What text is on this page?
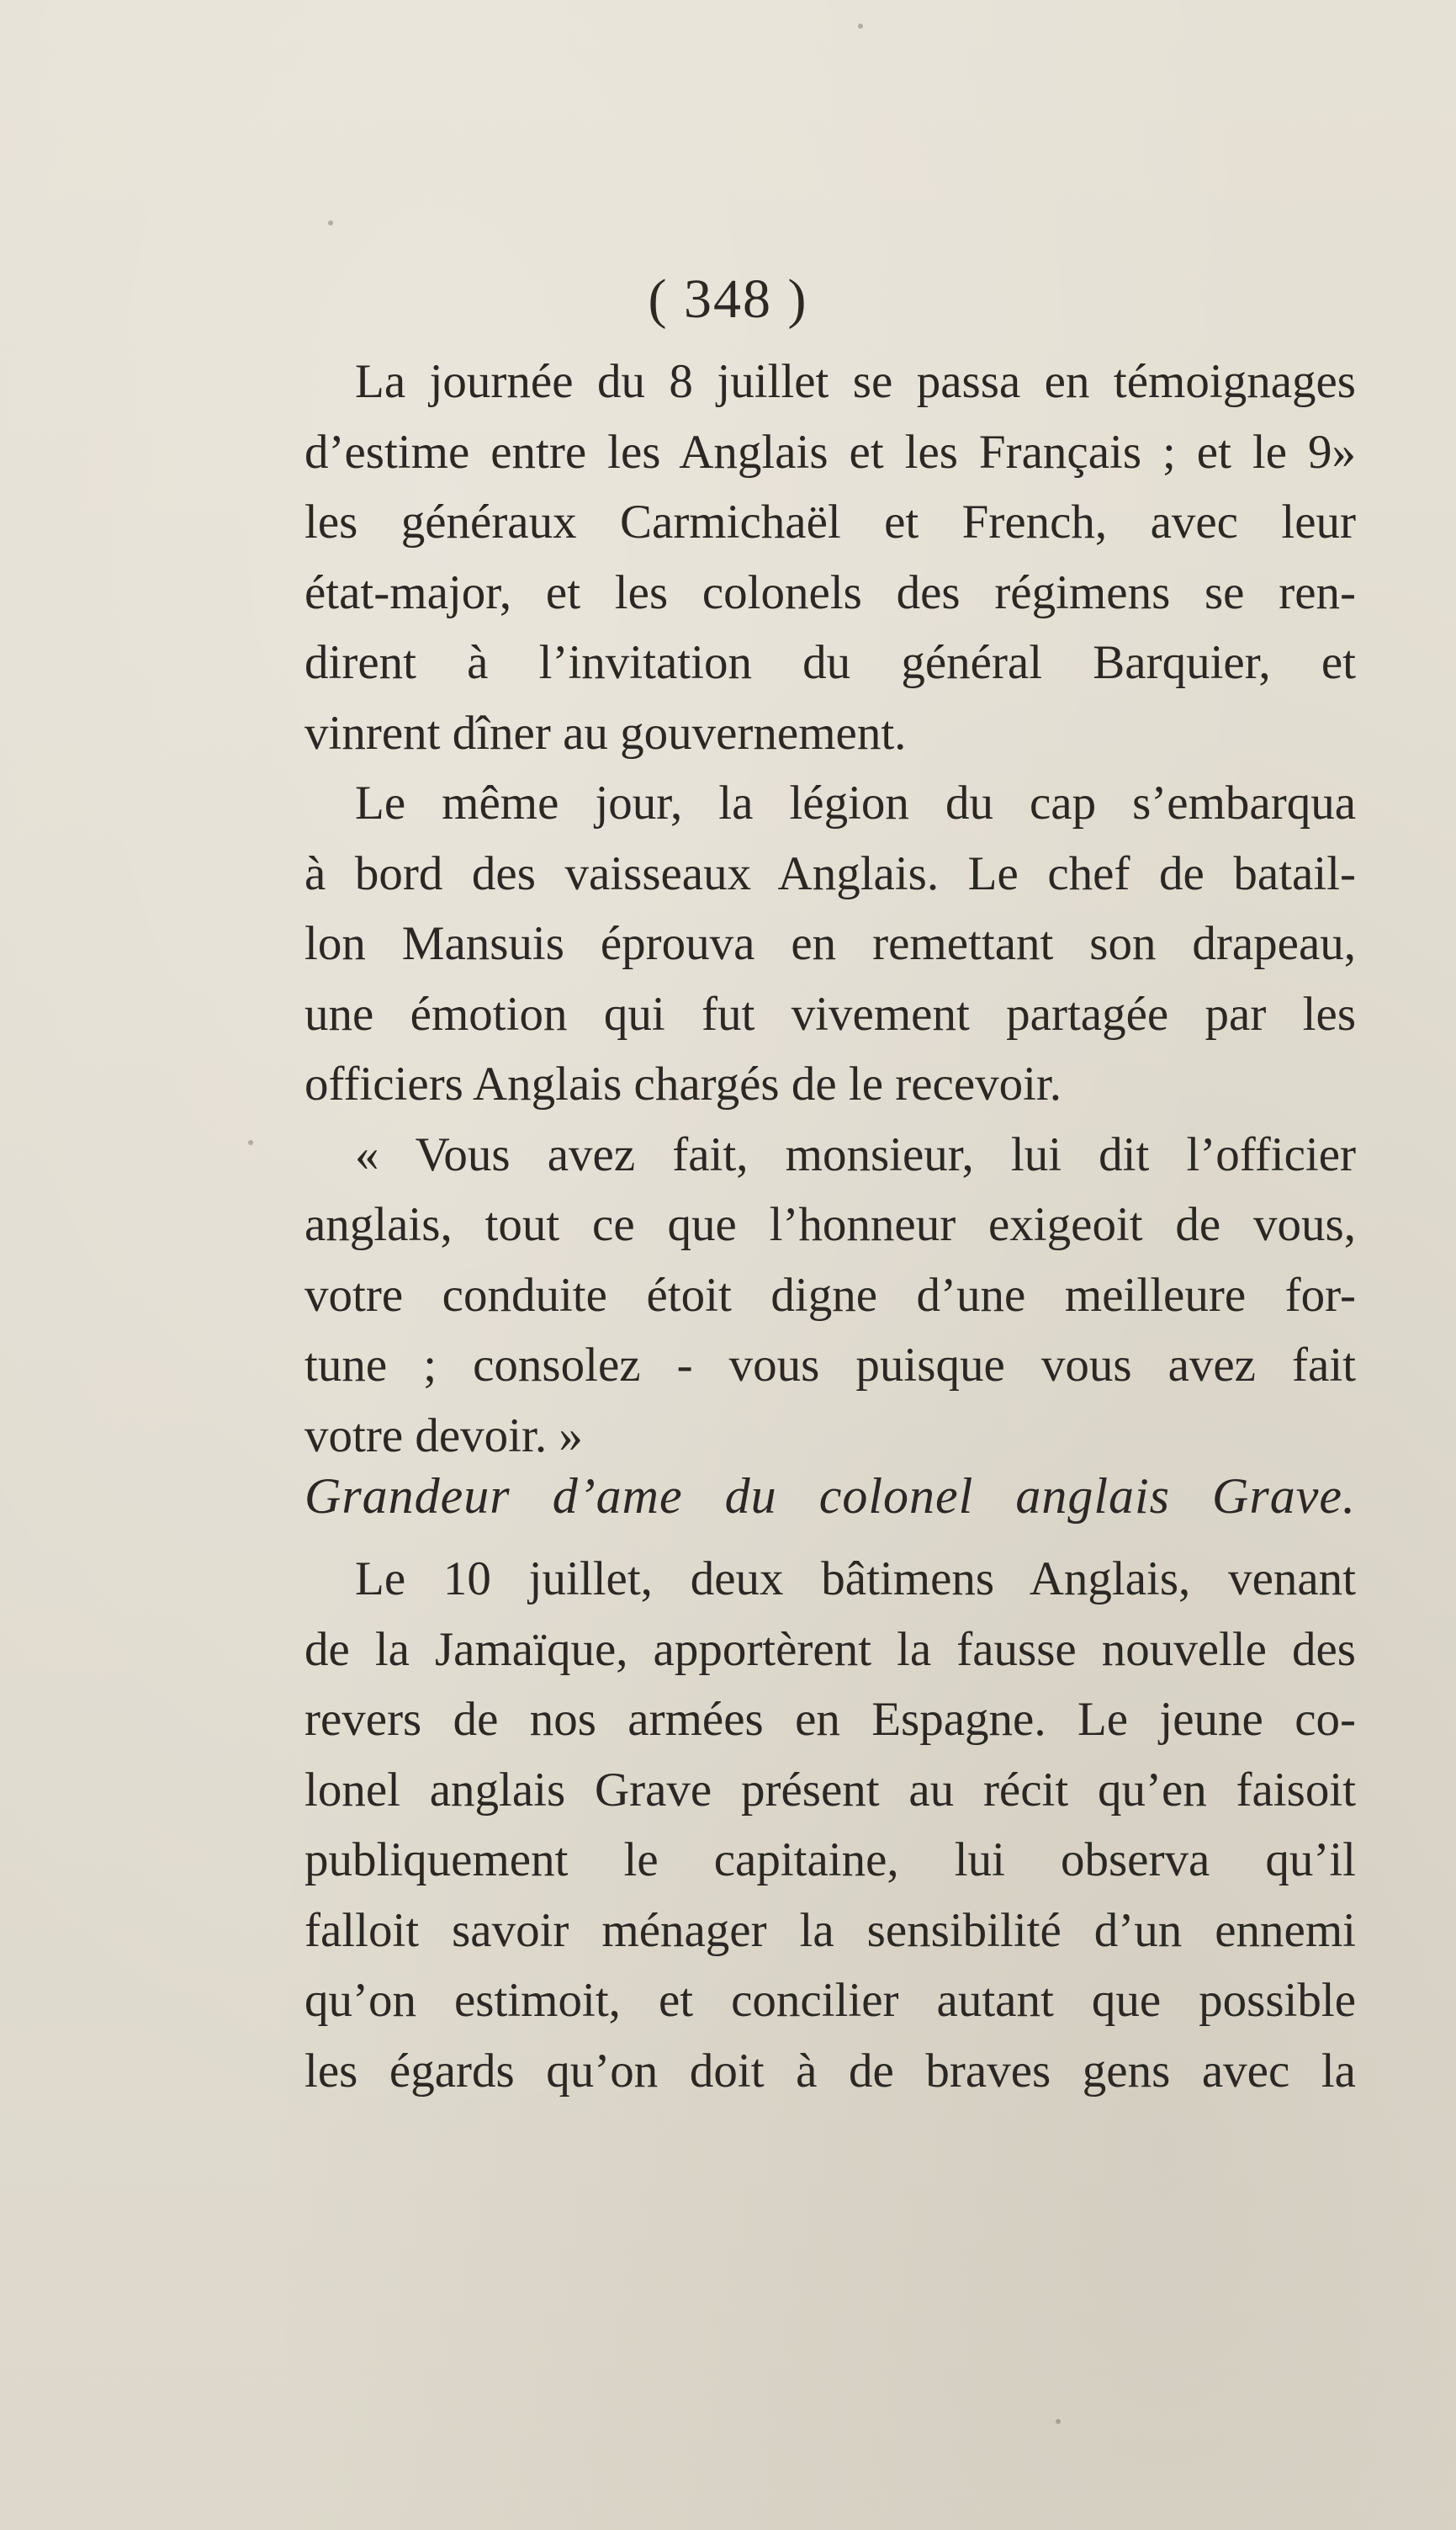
( 348 )
La journée du 8 juillet se passa en témoignages
d’estime entre les Anglais et les Français ; et le 9»
les généraux Carmichaël et French, avec leur
état-major, et les colonels des régimens se ren-
dirent à l’invitation du général Barquier, et
vinrent dîner au gouvernement.
Le même jour, la légion du cap s’embarqua
à bord des vaisseaux Anglais. Le chef de batail-
lon Mansuis éprouva en remettant son drapeau,
une émotion qui fut vivement partagée par les
officiers Anglais chargés de le recevoir.
« Vous avez fait, monsieur, lui dit l’officier
anglais, tout ce que l’honneur exigeoit de vous,
votre conduite étoit digne d’une meilleure for-
tune ; consolez - vous puisque vous avez fait
votre devoir. »
Grandeur d’ame du colonel anglais Grave.
Le 10 juillet, deux bâtimens Anglais, venant
de la Jamaïque, apportèrent la fausse nouvelle des
revers de nos armées en Espagne. Le jeune co-
lonel anglais Grave présent au récit qu’en faisoit
publiquement le capitaine, lui observa qu’il
falloit savoir ménager la sensibilité d’un ennemi
qu’on estimoit, et concilier autant que possible
les égards qu’on doit à de braves gens avec la
